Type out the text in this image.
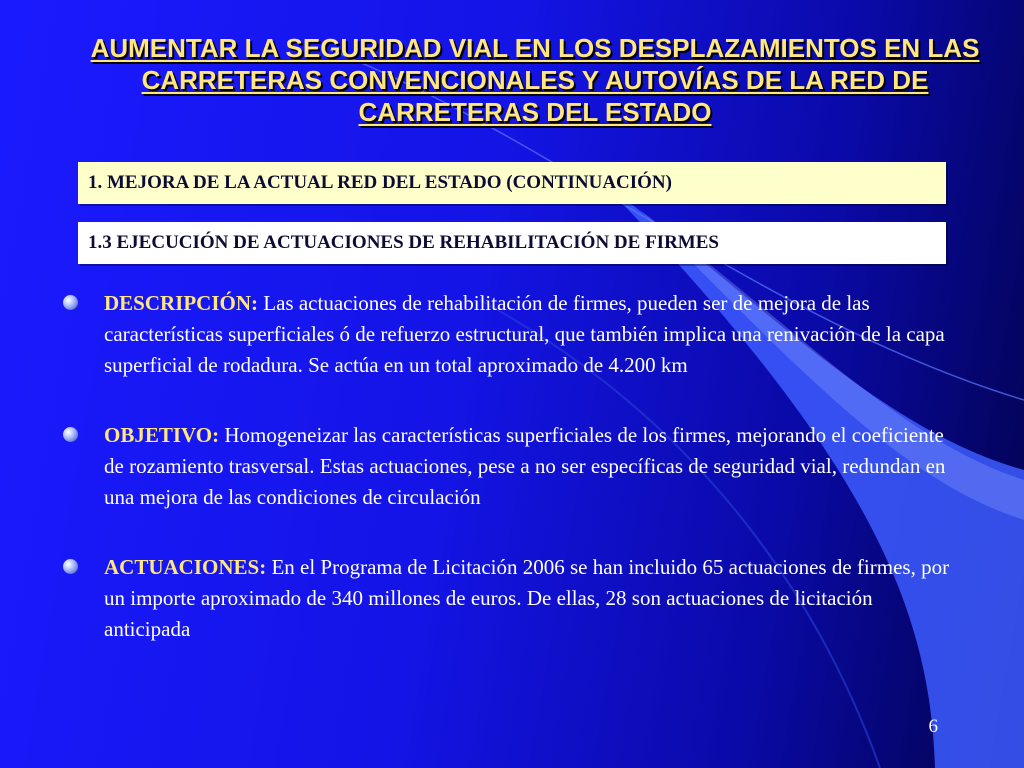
AUMENTAR LA SEGURIDAD VIAL EN LOS DESPLAZAMIENTOS EN LAS CARRETERAS CONVENCIONALES Y AUTOVÍAS DE LA RED DE CARRETERAS DEL ESTADO
1. MEJORA DE LA ACTUAL RED DEL ESTADO (CONTINUACIÓN)
1.3 EJECUCIÓN DE ACTUACIONES DE REHABILITACIÓN DE FIRMES
DESCRIPCIÓN: Las actuaciones de rehabilitación de firmes, pueden ser de mejora de las características superficiales ó de refuerzo estructural, que también implica una renivación de la capa superficial de rodadura. Se actúa en un total aproximado de 4.200 km
OBJETIVO: Homogeneizar las características superficiales de los firmes, mejorando el coeficiente de rozamiento trasversal. Estas actuaciones, pese a no ser específicas de seguridad vial, redundan en una mejora de las condiciones de circulación
ACTUACIONES: En el Programa de Licitación 2006 se han incluido 65 actuaciones de firmes, por un importe aproximado de 340 millones de euros. De ellas, 28 son actuaciones de licitación anticipada
6
